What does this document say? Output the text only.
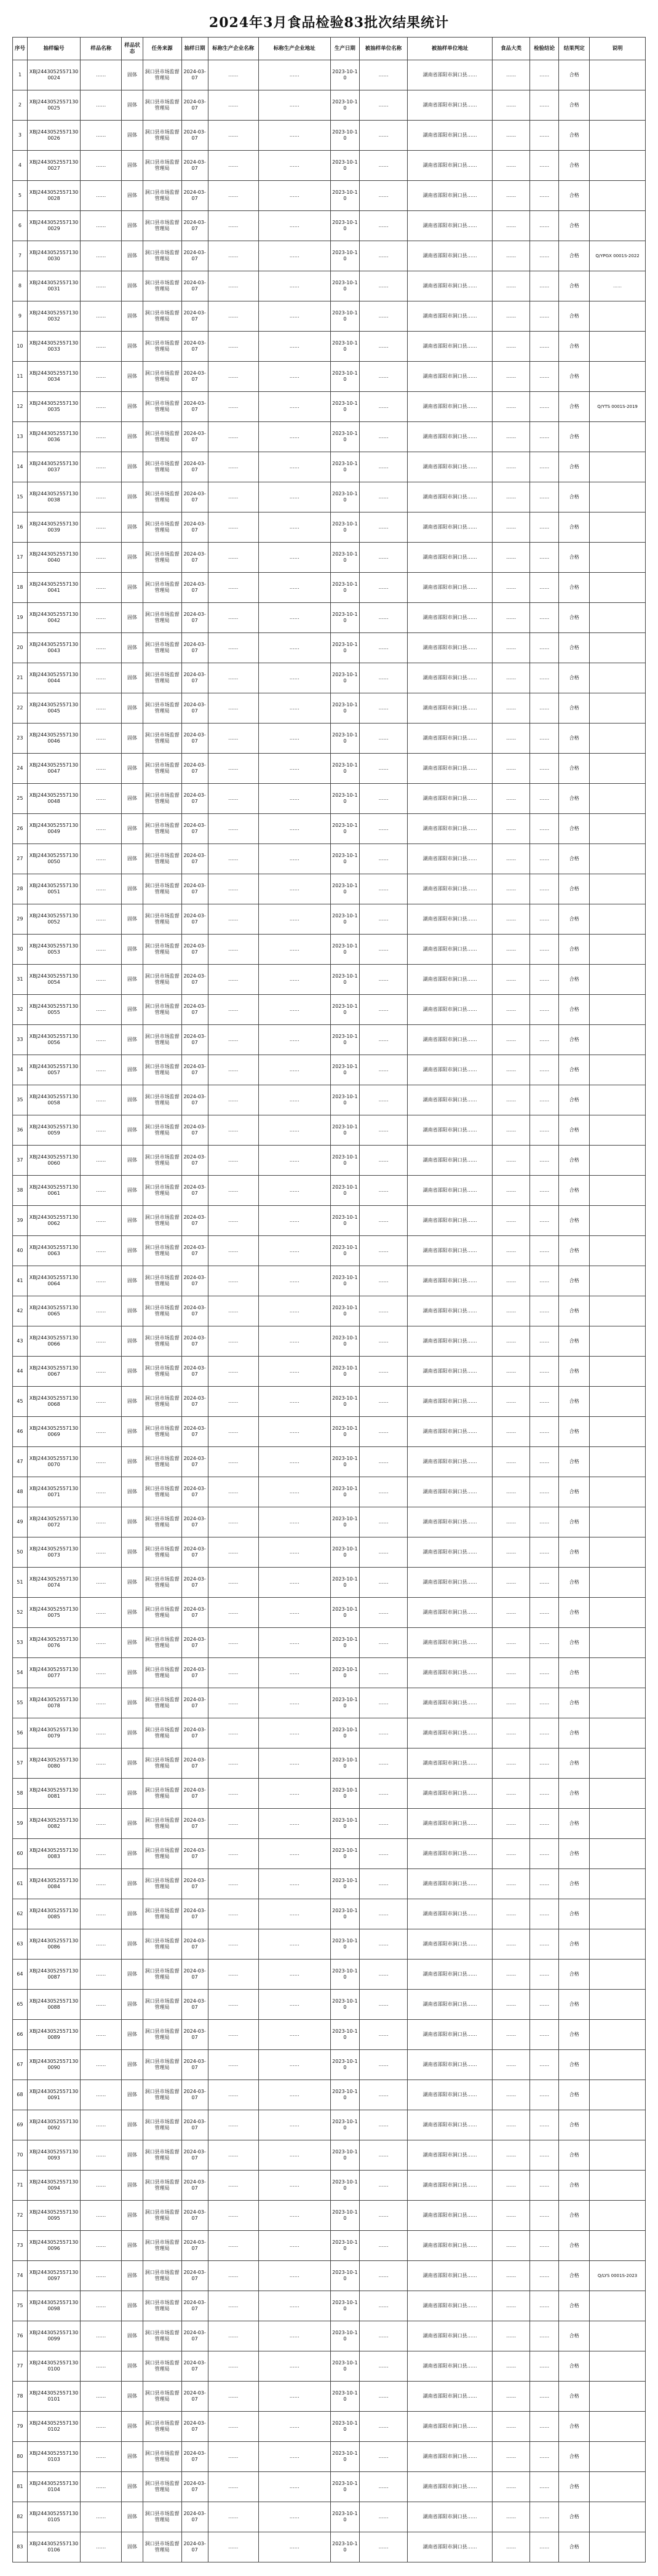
2024年3月食品检验83批次结果统计
序号	抽样编号	样品名称	样品状态	任务来源	抽样日期	标称生产企业名称	标称生产企业地址	生产日期	被抽样单位名称	被抽样单位地址	食品大类	检验结论	结果判定	说明
1	XBJ24430525571300024	……	固体	洞口县市场监督管理局	2024-03-07	……	……	2023-10-10	……	湖南省邵阳市洞口县……	……	……	合格	
2	XBJ24430525571300025	……	固体	洞口县市场监督管理局	2024-03-07	……	……	2023-10-10	……	湖南省邵阳市洞口县……	……	……	合格	
3	XBJ24430525571300026	……	固体	洞口县市场监督管理局	2024-03-07	……	……	2023-10-10	……	湖南省邵阳市洞口县……	……	……	合格	
4	XBJ24430525571300027	……	固体	洞口县市场监督管理局	2024-03-07	……	……	2023-10-10	……	湖南省邵阳市洞口县……	……	……	合格	
5	XBJ24430525571300028	……	固体	洞口县市场监督管理局	2024-03-07	……	……	2023-10-10	……	湖南省邵阳市洞口县……	……	……	合格	
6	XBJ24430525571300029	……	固体	洞口县市场监督管理局	2024-03-07	……	……	2023-10-10	……	湖南省邵阳市洞口县……	……	……	合格	
7	XBJ24430525571300030	……	固体	洞口县市场监督管理局	2024-03-07	……	……	2023-10-10	……	湖南省邵阳市洞口县……	……	……	合格	Q/YPGX 0001S-2022
8	XBJ24430525571300031	……	固体	洞口县市场监督管理局	2024-03-07	……	……	2023-10-10	……	湖南省邵阳市洞口县……	……	……	合格	……
9	XBJ24430525571300032	……	固体	洞口县市场监督管理局	2024-03-07	……	……	2023-10-10	……	湖南省邵阳市洞口县……	……	……	合格	
10	XBJ24430525571300033	……	固体	洞口县市场监督管理局	2024-03-07	……	……	2023-10-10	……	湖南省邵阳市洞口县……	……	……	合格	
11	XBJ24430525571300034	……	固体	洞口县市场监督管理局	2024-03-07	……	……	2023-10-10	……	湖南省邵阳市洞口县……	……	……	合格	
12	XBJ24430525571300035	……	固体	洞口县市场监督管理局	2024-03-07	……	……	2023-10-10	……	湖南省邵阳市洞口县……	……	……	合格	Q/YTS 0001S-2019
13	XBJ24430525571300036	……	固体	洞口县市场监督管理局	2024-03-07	……	……	2023-10-10	……	湖南省邵阳市洞口县……	……	……	合格	
14	XBJ24430525571300037	……	固体	洞口县市场监督管理局	2024-03-07	……	……	2023-10-10	……	湖南省邵阳市洞口县……	……	……	合格	
15	XBJ24430525571300038	……	固体	洞口县市场监督管理局	2024-03-07	……	……	2023-10-10	……	湖南省邵阳市洞口县……	……	……	合格	
16	XBJ24430525571300039	……	固体	洞口县市场监督管理局	2024-03-07	……	……	2023-10-10	……	湖南省邵阳市洞口县……	……	……	合格	
17	XBJ24430525571300040	……	固体	洞口县市场监督管理局	2024-03-07	……	……	2023-10-10	……	湖南省邵阳市洞口县……	……	……	合格	
18	XBJ24430525571300041	……	固体	洞口县市场监督管理局	2024-03-07	……	……	2023-10-10	……	湖南省邵阳市洞口县……	……	……	合格	
19	XBJ24430525571300042	……	固体	洞口县市场监督管理局	2024-03-07	……	……	2023-10-10	……	湖南省邵阳市洞口县……	……	……	合格	
20	XBJ24430525571300043	……	固体	洞口县市场监督管理局	2024-03-07	……	……	2023-10-10	……	湖南省邵阳市洞口县……	……	……	合格	
21	XBJ24430525571300044	……	固体	洞口县市场监督管理局	2024-03-07	……	……	2023-10-10	……	湖南省邵阳市洞口县……	……	……	合格	
22	XBJ24430525571300045	……	固体	洞口县市场监督管理局	2024-03-07	……	……	2023-10-10	……	湖南省邵阳市洞口县……	……	……	合格	
23	XBJ24430525571300046	……	固体	洞口县市场监督管理局	2024-03-07	……	……	2023-10-10	……	湖南省邵阳市洞口县……	……	……	合格	
24	XBJ24430525571300047	……	固体	洞口县市场监督管理局	2024-03-07	……	……	2023-10-10	……	湖南省邵阳市洞口县……	……	……	合格	
25	XBJ24430525571300048	……	固体	洞口县市场监督管理局	2024-03-07	……	……	2023-10-10	……	湖南省邵阳市洞口县……	……	……	合格	
26	XBJ24430525571300049	……	固体	洞口县市场监督管理局	2024-03-07	……	……	2023-10-10	……	湖南省邵阳市洞口县……	……	……	合格	
27	XBJ24430525571300050	……	固体	洞口县市场监督管理局	2024-03-07	……	……	2023-10-10	……	湖南省邵阳市洞口县……	……	……	合格	
28	XBJ24430525571300051	……	固体	洞口县市场监督管理局	2024-03-07	……	……	2023-10-10	……	湖南省邵阳市洞口县……	……	……	合格	
29	XBJ24430525571300052	……	固体	洞口县市场监督管理局	2024-03-07	……	……	2023-10-10	……	湖南省邵阳市洞口县……	……	……	合格	
30	XBJ24430525571300053	……	固体	洞口县市场监督管理局	2024-03-07	……	……	2023-10-10	……	湖南省邵阳市洞口县……	……	……	合格	
31	XBJ24430525571300054	……	固体	洞口县市场监督管理局	2024-03-07	……	……	2023-10-10	……	湖南省邵阳市洞口县……	……	……	合格	
32	XBJ24430525571300055	……	固体	洞口县市场监督管理局	2024-03-07	……	……	2023-10-10	……	湖南省邵阳市洞口县……	……	……	合格	
33	XBJ24430525571300056	……	固体	洞口县市场监督管理局	2024-03-07	……	……	2023-10-10	……	湖南省邵阳市洞口县……	……	……	合格	
34	XBJ24430525571300057	……	固体	洞口县市场监督管理局	2024-03-07	……	……	2023-10-10	……	湖南省邵阳市洞口县……	……	……	合格	
35	XBJ24430525571300058	……	固体	洞口县市场监督管理局	2024-03-07	……	……	2023-10-10	……	湖南省邵阳市洞口县……	……	……	合格	
36	XBJ24430525571300059	……	固体	洞口县市场监督管理局	2024-03-07	……	……	2023-10-10	……	湖南省邵阳市洞口县……	……	……	合格	
37	XBJ24430525571300060	……	固体	洞口县市场监督管理局	2024-03-07	……	……	2023-10-10	……	湖南省邵阳市洞口县……	……	……	合格	
38	XBJ24430525571300061	……	固体	洞口县市场监督管理局	2024-03-07	……	……	2023-10-10	……	湖南省邵阳市洞口县……	……	……	合格	
39	XBJ24430525571300062	……	固体	洞口县市场监督管理局	2024-03-07	……	……	2023-10-10	……	湖南省邵阳市洞口县……	……	……	合格	
40	XBJ24430525571300063	……	固体	洞口县市场监督管理局	2024-03-07	……	……	2023-10-10	……	湖南省邵阳市洞口县……	……	……	合格	
41	XBJ24430525571300064	……	固体	洞口县市场监督管理局	2024-03-07	……	……	2023-10-10	……	湖南省邵阳市洞口县……	……	……	合格	
42	XBJ24430525571300065	……	固体	洞口县市场监督管理局	2024-03-07	……	……	2023-10-10	……	湖南省邵阳市洞口县……	……	……	合格	
43	XBJ24430525571300066	……	固体	洞口县市场监督管理局	2024-03-07	……	……	2023-10-10	……	湖南省邵阳市洞口县……	……	……	合格	
44	XBJ24430525571300067	……	固体	洞口县市场监督管理局	2024-03-07	……	……	2023-10-10	……	湖南省邵阳市洞口县……	……	……	合格	
45	XBJ24430525571300068	……	固体	洞口县市场监督管理局	2024-03-07	……	……	2023-10-10	……	湖南省邵阳市洞口县……	……	……	合格	
46	XBJ24430525571300069	……	固体	洞口县市场监督管理局	2024-03-07	……	……	2023-10-10	……	湖南省邵阳市洞口县……	……	……	合格	
47	XBJ24430525571300070	……	固体	洞口县市场监督管理局	2024-03-07	……	……	2023-10-10	……	湖南省邵阳市洞口县……	……	……	合格	
48	XBJ24430525571300071	……	固体	洞口县市场监督管理局	2024-03-07	……	……	2023-10-10	……	湖南省邵阳市洞口县……	……	……	合格	
49	XBJ24430525571300072	……	固体	洞口县市场监督管理局	2024-03-07	……	……	2023-10-10	……	湖南省邵阳市洞口县……	……	……	合格	
50	XBJ24430525571300073	……	固体	洞口县市场监督管理局	2024-03-07	……	……	2023-10-10	……	湖南省邵阳市洞口县……	……	……	合格	
51	XBJ24430525571300074	……	固体	洞口县市场监督管理局	2024-03-07	……	……	2023-10-10	……	湖南省邵阳市洞口县……	……	……	合格	
52	XBJ24430525571300075	……	固体	洞口县市场监督管理局	2024-03-07	……	……	2023-10-10	……	湖南省邵阳市洞口县……	……	……	合格	
53	XBJ24430525571300076	……	固体	洞口县市场监督管理局	2024-03-07	……	……	2023-10-10	……	湖南省邵阳市洞口县……	……	……	合格	
54	XBJ24430525571300077	……	固体	洞口县市场监督管理局	2024-03-07	……	……	2023-10-10	……	湖南省邵阳市洞口县……	……	……	合格	
55	XBJ24430525571300078	……	固体	洞口县市场监督管理局	2024-03-07	……	……	2023-10-10	……	湖南省邵阳市洞口县……	……	……	合格	
56	XBJ24430525571300079	……	固体	洞口县市场监督管理局	2024-03-07	……	……	2023-10-10	……	湖南省邵阳市洞口县……	……	……	合格	
57	XBJ24430525571300080	……	固体	洞口县市场监督管理局	2024-03-07	……	……	2023-10-10	……	湖南省邵阳市洞口县……	……	……	合格	
58	XBJ24430525571300081	……	固体	洞口县市场监督管理局	2024-03-07	……	……	2023-10-10	……	湖南省邵阳市洞口县……	……	……	合格	
59	XBJ24430525571300082	……	固体	洞口县市场监督管理局	2024-03-07	……	……	2023-10-10	……	湖南省邵阳市洞口县……	……	……	合格	
60	XBJ24430525571300083	……	固体	洞口县市场监督管理局	2024-03-07	……	……	2023-10-10	……	湖南省邵阳市洞口县……	……	……	合格	
61	XBJ24430525571300084	……	固体	洞口县市场监督管理局	2024-03-07	……	……	2023-10-10	……	湖南省邵阳市洞口县……	……	……	合格	
62	XBJ24430525571300085	……	固体	洞口县市场监督管理局	2024-03-07	……	……	2023-10-10	……	湖南省邵阳市洞口县……	……	……	合格	
63	XBJ24430525571300086	……	固体	洞口县市场监督管理局	2024-03-07	……	……	2023-10-10	……	湖南省邵阳市洞口县……	……	……	合格	
64	XBJ24430525571300087	……	固体	洞口县市场监督管理局	2024-03-07	……	……	2023-10-10	……	湖南省邵阳市洞口县……	……	……	合格	
65	XBJ24430525571300088	……	固体	洞口县市场监督管理局	2024-03-07	……	……	2023-10-10	……	湖南省邵阳市洞口县……	……	……	合格	
66	XBJ24430525571300089	……	固体	洞口县市场监督管理局	2024-03-07	……	……	2023-10-10	……	湖南省邵阳市洞口县……	……	……	合格	
67	XBJ24430525571300090	……	固体	洞口县市场监督管理局	2024-03-07	……	……	2023-10-10	……	湖南省邵阳市洞口县……	……	……	合格	
68	XBJ24430525571300091	……	固体	洞口县市场监督管理局	2024-03-07	……	……	2023-10-10	……	湖南省邵阳市洞口县……	……	……	合格	
69	XBJ24430525571300092	……	固体	洞口县市场监督管理局	2024-03-07	……	……	2023-10-10	……	湖南省邵阳市洞口县……	……	……	合格	
70	XBJ24430525571300093	……	固体	洞口县市场监督管理局	2024-03-07	……	……	2023-10-10	……	湖南省邵阳市洞口县……	……	……	合格	
71	XBJ24430525571300094	……	固体	洞口县市场监督管理局	2024-03-07	……	……	2023-10-10	……	湖南省邵阳市洞口县……	……	……	合格	
72	XBJ24430525571300095	……	固体	洞口县市场监督管理局	2024-03-07	……	……	2023-10-10	……	湖南省邵阳市洞口县……	……	……	合格	
73	XBJ24430525571300096	……	固体	洞口县市场监督管理局	2024-03-07	……	……	2023-10-10	……	湖南省邵阳市洞口县……	……	……	合格	
74	XBJ24430525571300097	……	固体	洞口县市场监督管理局	2024-03-07	……	……	2023-10-10	……	湖南省邵阳市洞口县……	……	……	合格	Q/LYS 0001S-2023
75	XBJ24430525571300098	……	固体	洞口县市场监督管理局	2024-03-07	……	……	2023-10-10	……	湖南省邵阳市洞口县……	……	……	合格	
76	XBJ24430525571300099	……	固体	洞口县市场监督管理局	2024-03-07	……	……	2023-10-10	……	湖南省邵阳市洞口县……	……	……	合格	
77	XBJ24430525571300100	……	固体	洞口县市场监督管理局	2024-03-07	……	……	2023-10-10	……	湖南省邵阳市洞口县……	……	……	合格	
78	XBJ24430525571300101	……	固体	洞口县市场监督管理局	2024-03-07	……	……	2023-10-10	……	湖南省邵阳市洞口县……	……	……	合格	
79	XBJ24430525571300102	……	固体	洞口县市场监督管理局	2024-03-07	……	……	2023-10-10	……	湖南省邵阳市洞口县……	……	……	合格	
80	XBJ24430525571300103	……	固体	洞口县市场监督管理局	2024-03-07	……	……	2023-10-10	……	湖南省邵阳市洞口县……	……	……	合格	
81	XBJ24430525571300104	……	固体	洞口县市场监督管理局	2024-03-07	……	……	2023-10-10	……	湖南省邵阳市洞口县……	……	……	合格	
82	XBJ24430525571300105	……	固体	洞口县市场监督管理局	2024-03-07	……	……	2023-10-10	……	湖南省邵阳市洞口县……	……	……	合格	
83	XBJ24430525571300106	……	固体	洞口县市场监督管理局	2024-03-07	……	……	2023-10-10	……	湖南省邵阳市洞口县……	……	……	合格	
